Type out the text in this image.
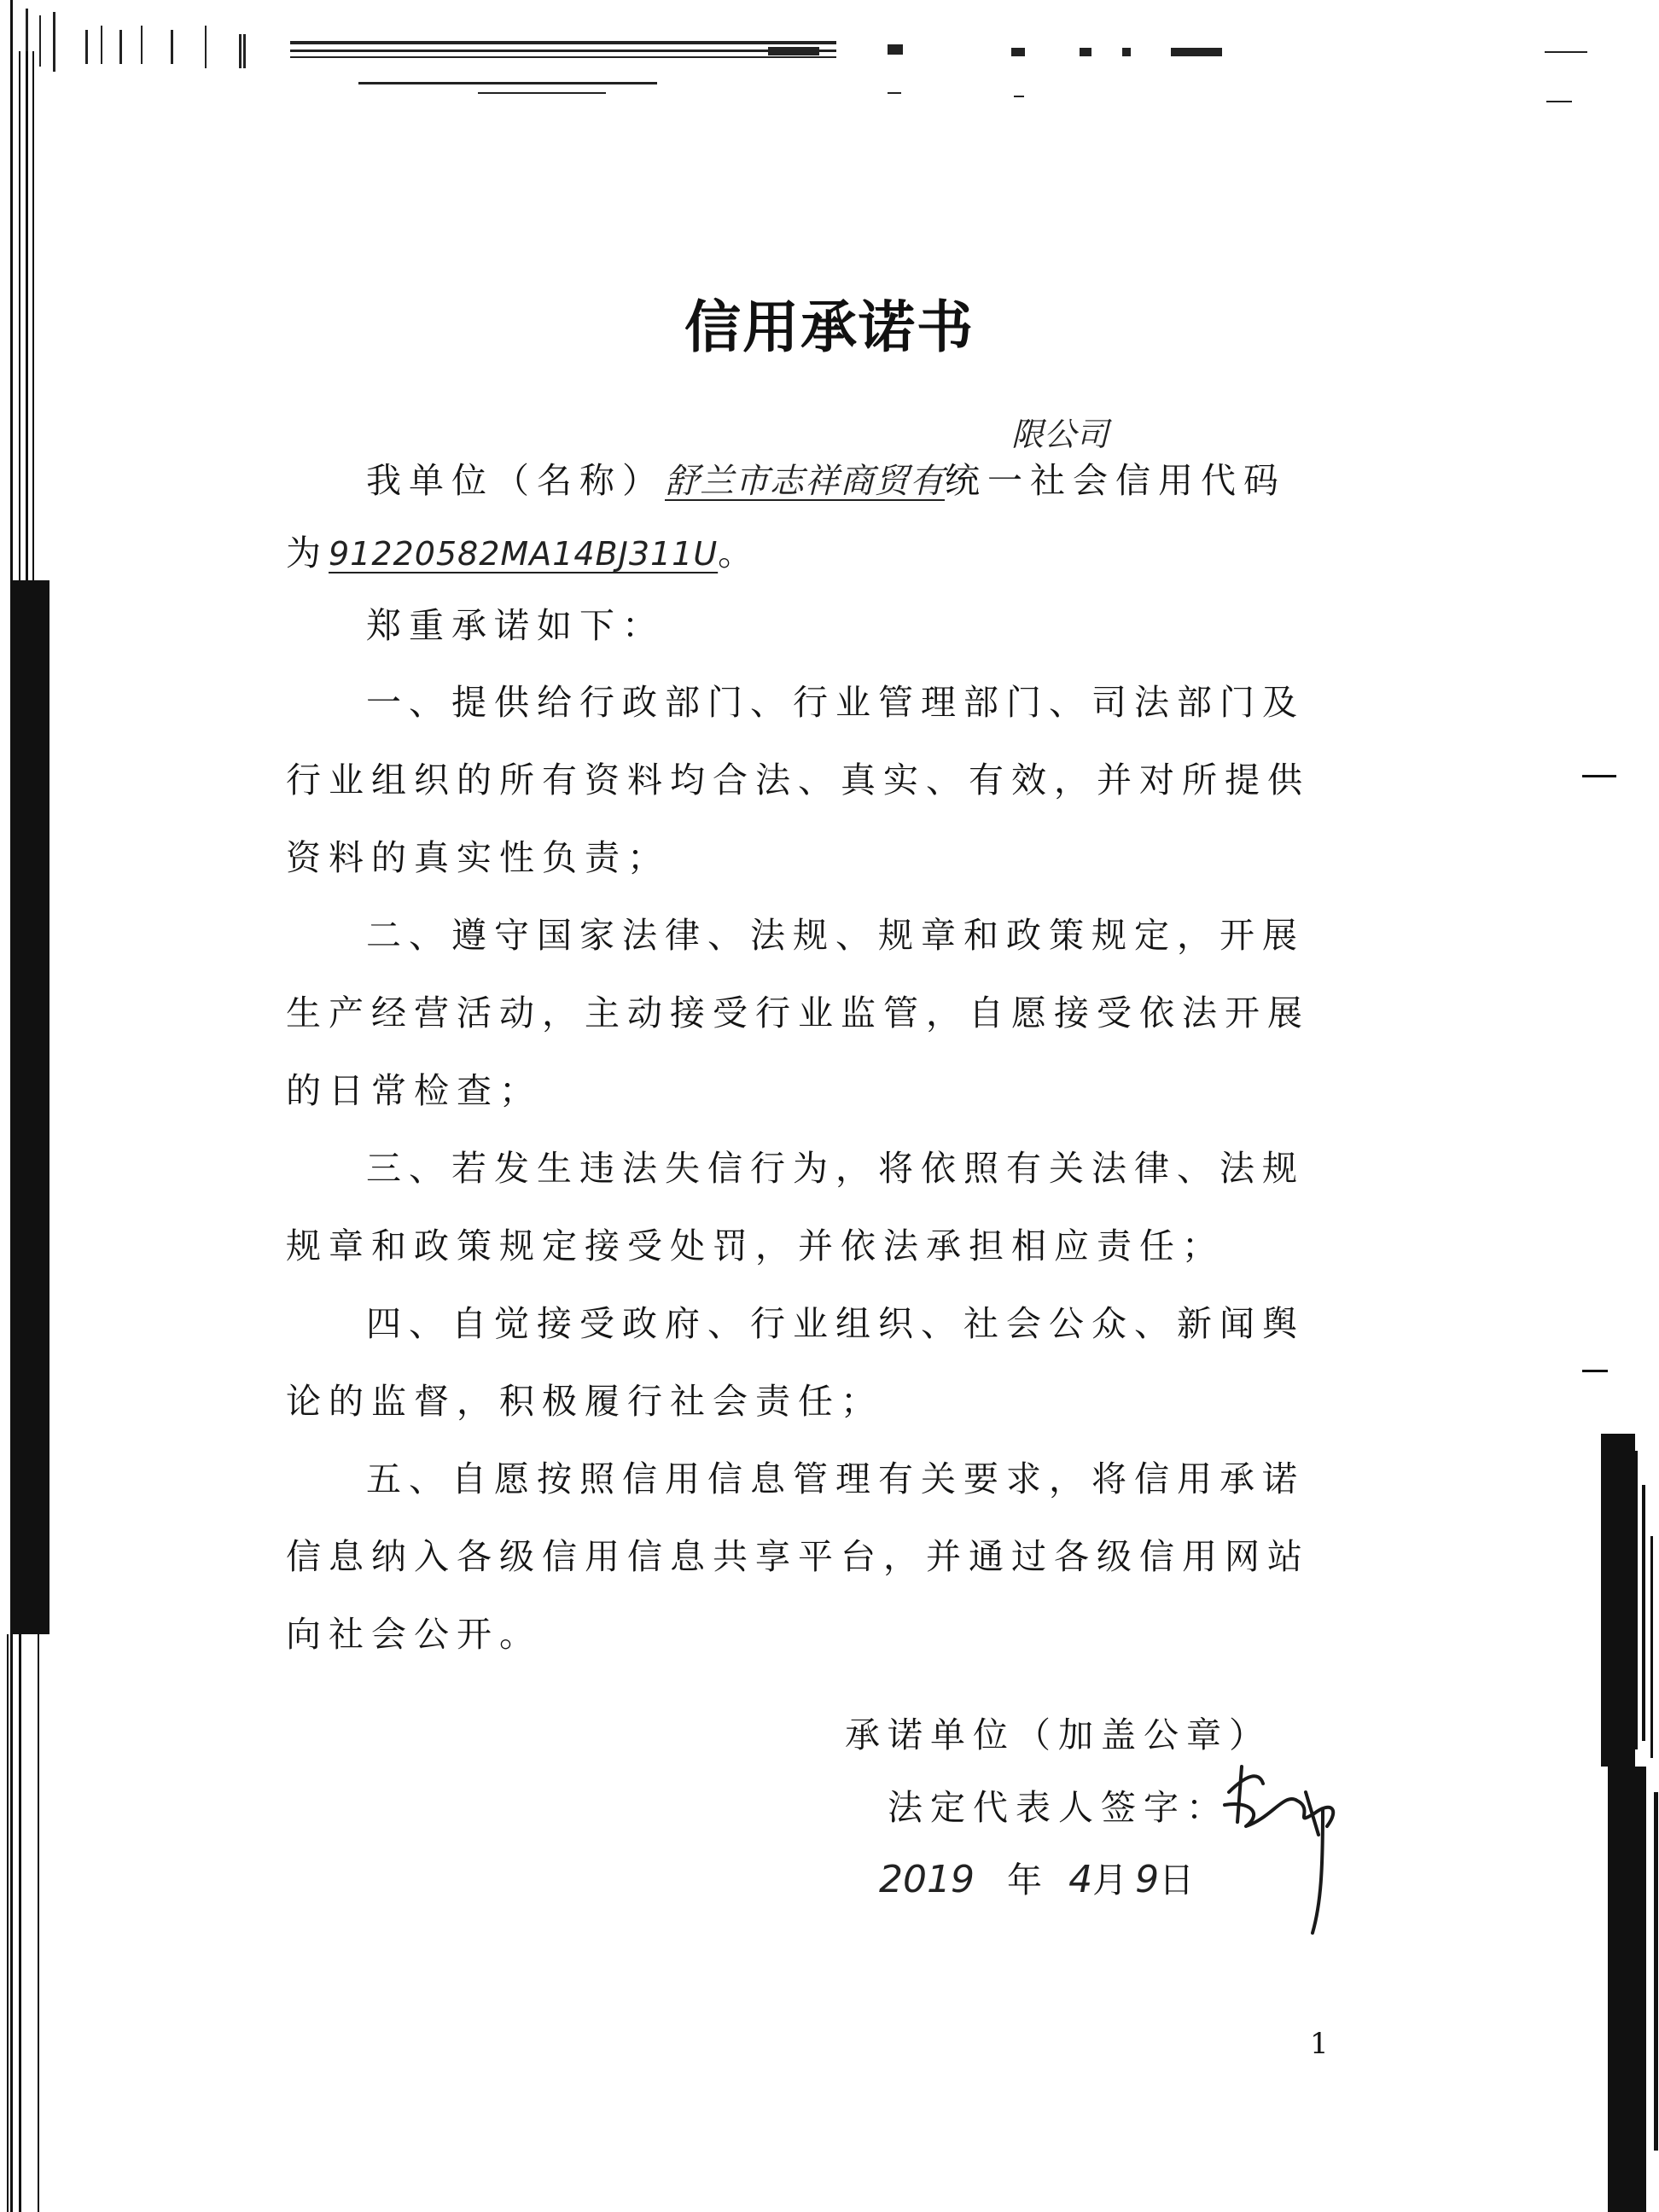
信用承诺书
我单位（名称）舒兰市志祥商贸有统一社会信用代码
限公司
为91220582MA14BJ311U。
郑重承诺如下：

一、提供给行政部门、行业管理部门、司法部门及行业组织的所有资料均合法、真实、有效，并对所提供资料的真实性负责；

二、遵守国家法律、法规、规章和政策规定，开展生产经营活动，主动接受行业监管，自愿接受依法开展的日常检查；

三、若发生违法失信行为，将依照有关法律、法规规章和政策规定接受处罚，并依法承担相应责任；

四、自觉接受政府、行业组织、社会公众、新闻舆论的监督，积极履行社会责任；

五、自愿按照信用信息管理有关要求，将信用承诺信息纳入各级信用信息共享平台，并通过各级信用网站向社会公开。

承诺单位（加盖公章）
法定代表人签字：
2019 年 4月9日
1
